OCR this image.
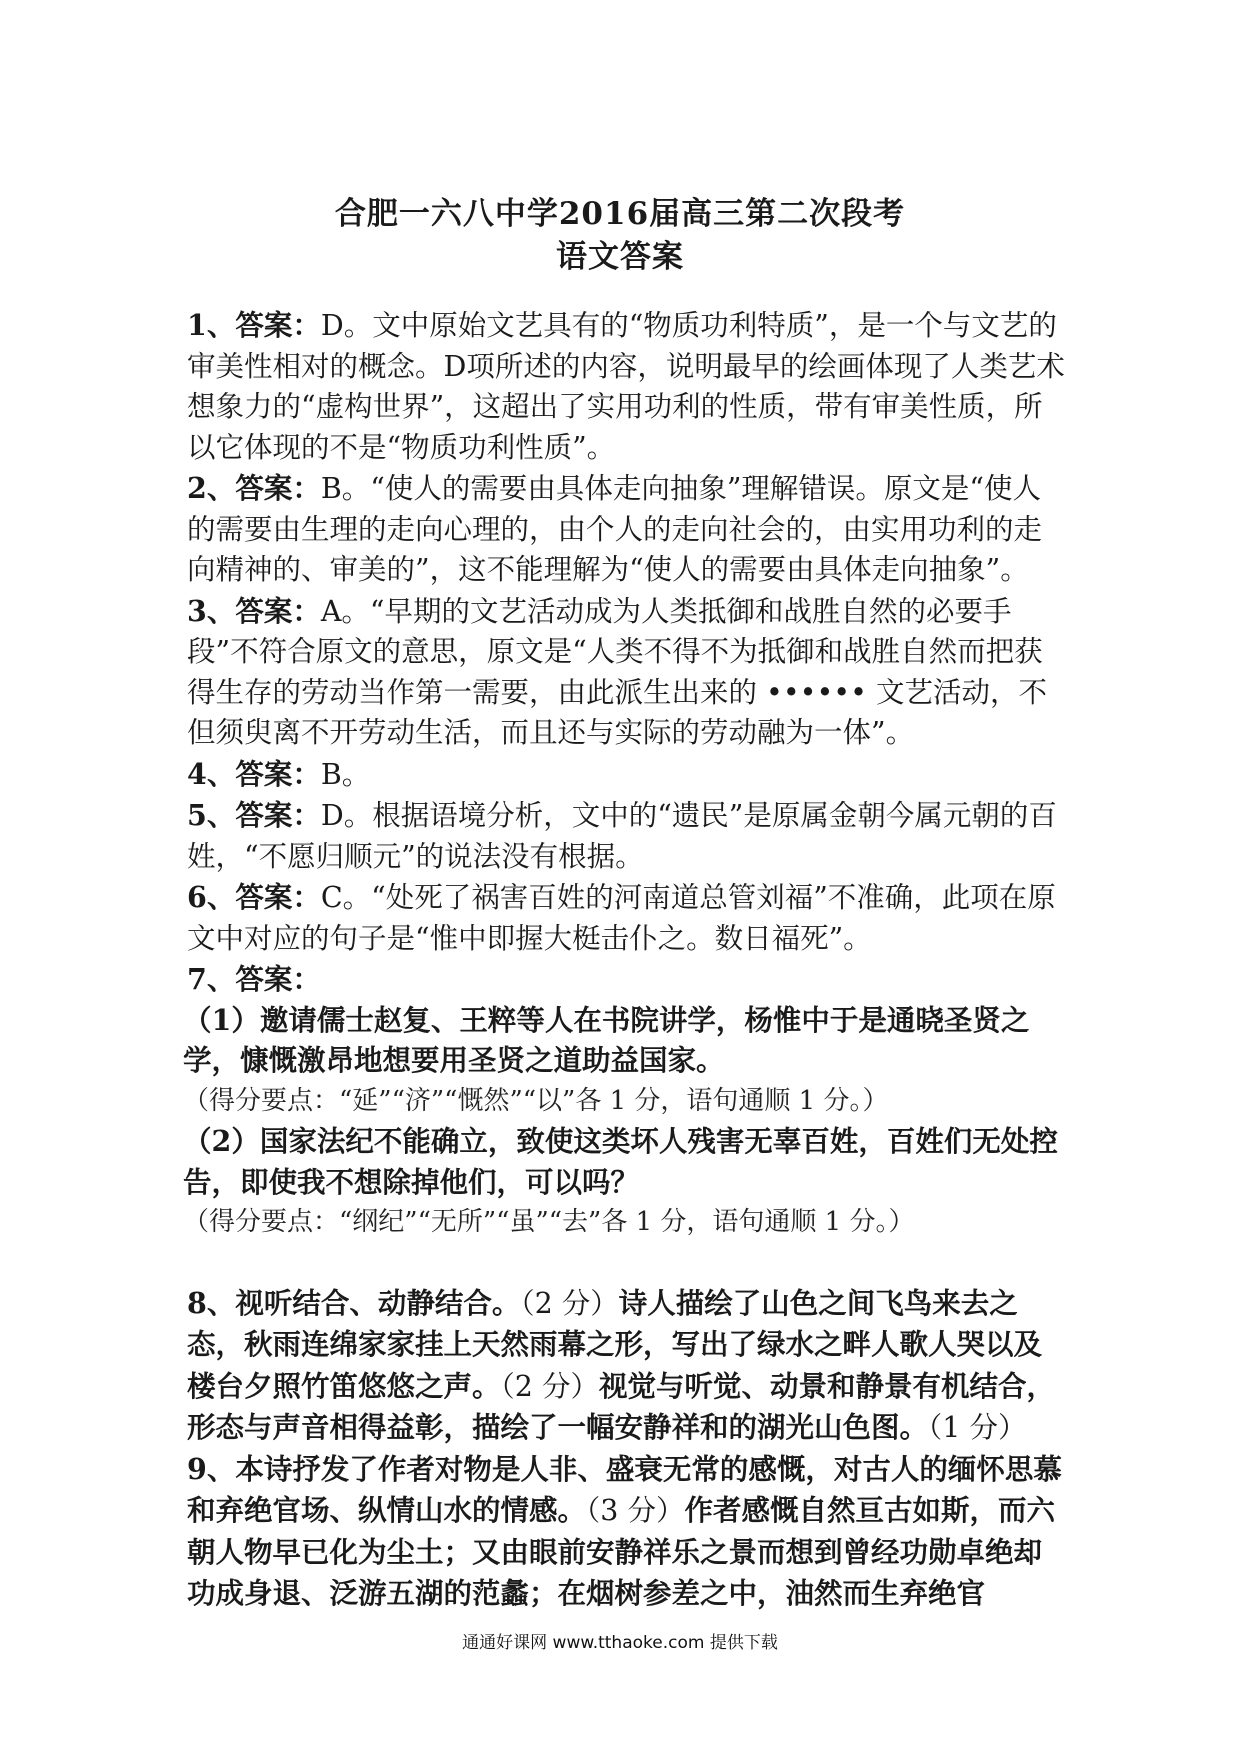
合肥一六八中学2016届高三第二次段考
语文答案

1、答案：D。文中原始文艺具有的“物质功利特质”，是一个与文艺的审美性相对的概念。D项所述的内容，说明最早的绘画体现了人类艺术想象力的“虚构世界”，这超出了实用功利的性质，带有审美性质，所以它体现的不是“物质功利性质”。

2、答案：B。“使人的需要由具体走向抽象”理解错误。原文是“使人的需要由生理的走向心理的，由个人的走向社会的，由实用功利的走向精神的、审美的”，这不能理解为“使人的需要由具体走向抽象”。

3、答案：A。“早期的文艺活动成为人类抵御和战胜自然的必要手段”不符合原文的意思，原文是“人类不得不为抵御和战胜自然而把获得生存的劳动当作第一需要，由此派生出来的 •••••• 文艺活动，不但须臾离不开劳动生活，而且还与实际的劳动融为一体”。

4、答案：B。

5、答案：D。根据语境分析，文中的“遗民”是原属金朝今属元朝的百姓，“不愿归顺元”的说法没有根据。

6、答案：C。“处死了祸害百姓的河南道总管刘福”不准确，此项在原文中对应的句子是“惟中即握大梃击仆之。数日福死”。

7、答案：

（1）邀请儒士赵复、王粹等人在书院讲学，杨惟中于是通晓圣贤之学，慷慨激昂地想要用圣贤之道助益国家。

（得分要点：“延”“济”“慨然”“以”各 1 分，语句通顺 1 分。）

（2）国家法纪不能确立，致使这类坏人残害无辜百姓，百姓们无处控告，即使我不想除掉他们，可以吗？

（得分要点：“纲纪”“无所”“虽”“去”各 1 分，语句通顺 1 分。）

8、视听结合、动静结合。（2 分）诗人描绘了山色之间飞鸟来去之态，秋雨连绵家家挂上天然雨幕之形，写出了绿水之畔人歌人哭以及楼台夕照竹笛悠悠之声。（2 分）视觉与听觉、动景和静景有机结合，形态与声音相得益彰，描绘了一幅安静祥和的湖光山色图。（1 分）

9、本诗抒发了作者对物是人非、盛衰无常的感慨，对古人的缅怀思慕和弃绝官场、纵情山水的情感。（3 分）作者感慨自然亘古如斯，而六朝人物早已化为尘土；又由眼前安静祥乐之景而想到曾经功勋卓绝却功成身退、泛游五湖的范蠡；在烟树参差之中，油然而生弃绝官

通通好课网 www.tthaoke.com 提供下载
